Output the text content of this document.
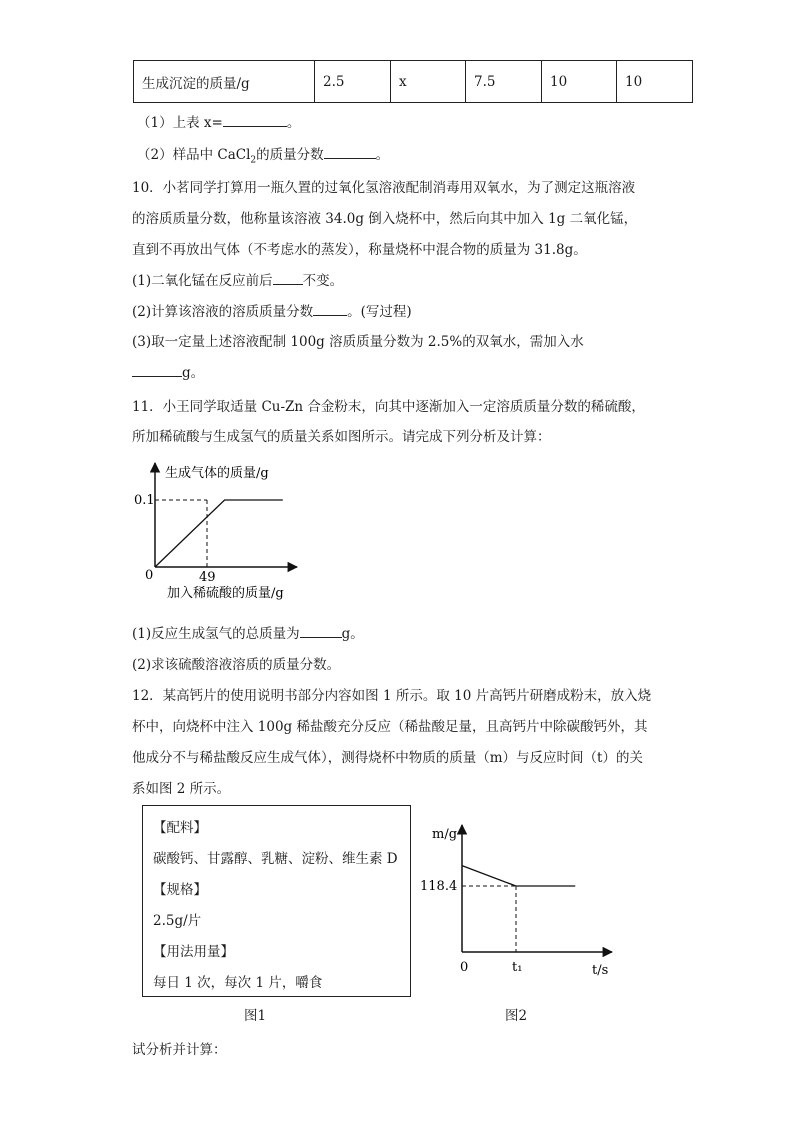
生成沉淀的质量/g	2.5	x	7.5	10	10
（1）上表 x=	。
（2）样品中 CaCl$_2$的质量分数	。
10．小茗同学打算用一瓶久置的过氧化氢溶液配制消毒用双氧水，为了测定这瓶溶液
的溶质质量分数，他称量该溶液 34.0g 倒入烧杯中，然后向其中加入 1g 二氧化锰，
直到不再放出气体（不考虑水的蒸发），称量烧杯中混合物的质量为 31.8g。
(1)二氧化锰在反应前后 不变。
(2)计算该溶液的溶质质量分数	。(写过程)
(3)取一定量上述溶液配制 100g 溶质质量分数为 2.5%的双氧水，需加入水
g。
11．小王同学取适量 Cu-Zn 合金粉末，向其中逐渐加入一定溶质质量分数的稀硫酸，
所加稀硫酸与生成氢气的质量关系如图所示。请完成下列分析及计算：
生成气体的质量/g
0.1
0	49
加入稀硫酸的质量/g
(1)反应生成氢气的总质量为	g。
(2)求该硫酸溶液溶质的质量分数。
12．某高钙片的使用说明书部分内容如图 1 所示。取 10 片高钙片研磨成粉末，放入烧
杯中，向烧杯中注入 100g 稀盐酸充分反应（稀盐酸足量，且高钙片中除碳酸钙外，其
他成分不与稀盐酸反应生成气体），测得烧杯中物质的质量（m）与反应时间（t）的关
系如图 2 所示。
【配料】
碳酸钙、甘露醇、乳糖、淀粉、维生素 D
【规格】
2.5g/片
【用法用量】
每日 1 次，每次 1 片，嚼食
图1
m/g
118.4
0	t₁	t/s
图2
试分析并计算：
